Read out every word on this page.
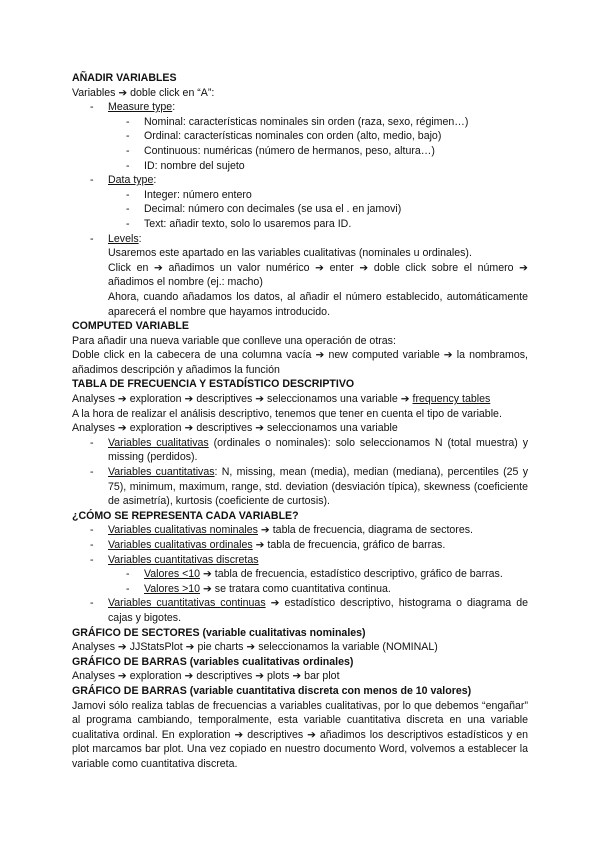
AÑADIR VARIABLES
Variables ➔ doble click en “A”:
- Measure type:
- Nominal: características nominales sin orden (raza, sexo, régimen…)
- Ordinal: características nominales con orden (alto, medio, bajo)
- Continuous: numéricas (número de hermanos, peso, altura…)
- ID: nombre del sujeto
- Data type:
- Integer: número entero
- Decimal: número con decimales (se usa el . en jamovi)
- Text: añadir texto, solo lo usaremos para ID.
- Levels:
Usaremos este apartado en las variables cualitativas (nominales u ordinales).
Click en ➔ añadimos un valor numérico ➔ enter ➔ doble click sobre el número ➔ añadimos el nombre (ej.: macho)
Ahora, cuando añadamos los datos, al añadir el número establecido, automáticamente aparecerá el nombre que hayamos introducido.
COMPUTED VARIABLE
Para añadir una nueva variable que conlleve una operación de otras:
Doble click en la cabecera de una columna vacía ➔ new computed variable ➔ la nombramos, añadimos descripción y añadimos la función
TABLA DE FRECUENCIA Y ESTADÍSTICO DESCRIPTIVO
Analyses ➔ exploration ➔ descriptives ➔ seleccionamos una variable ➔ frequency tables
A la hora de realizar el análisis descriptivo, tenemos que tener en cuenta el tipo de variable.
Analyses ➔ exploration ➔ descriptives ➔ seleccionamos una variable
- Variables cualitativas (ordinales o nominales): solo seleccionamos N (total muestra) y missing (perdidos).
- Variables cuantitativas: N, missing, mean (media), median (mediana), percentiles (25 y 75), minimum, maximum, range, std. deviation (desviación típica), skewness (coeficiente de asimetría), kurtosis (coeficiente de curtosis).
¿CÓMO SE REPRESENTA CADA VARIABLE?
- Variables cualitativas nominales ➔ tabla de frecuencia, diagrama de sectores.
- Variables cualitativas ordinales ➔ tabla de frecuencia, gráfico de barras.
- Variables cuantitativas discretas
- Valores <10 ➔ tabla de frecuencia, estadístico descriptivo, gráfico de barras.
- Valores >10 ➔ se tratara como cuantitativa continua.
- Variables cuantitativas continuas ➔ estadístico descriptivo, histograma o diagrama de cajas y bigotes.
GRÁFICO DE SECTORES (variable cualitativas nominales)
Analyses ➔ JJStatsPlot ➔ pie charts ➔ seleccionamos la variable (NOMINAL)
GRÁFICO DE BARRAS (variables cualitativas ordinales)
Analyses ➔ exploration ➔ descriptives ➔ plots ➔ bar plot
GRÁFICO DE BARRAS (variable cuantitativa discreta con menos de 10 valores)
Jamovi sólo realiza tablas de frecuencias a variables cualitativas, por lo que debemos “engañar” al programa cambiando, temporalmente, esta variable cuantitativa discreta en una variable cualitativa ordinal. En exploration ➔ descriptives ➔ añadimos los descriptivos estadísticos y en plot marcamos bar plot. Una vez copiado en nuestro documento Word, volvemos a establecer la variable como cuantitativa discreta.
